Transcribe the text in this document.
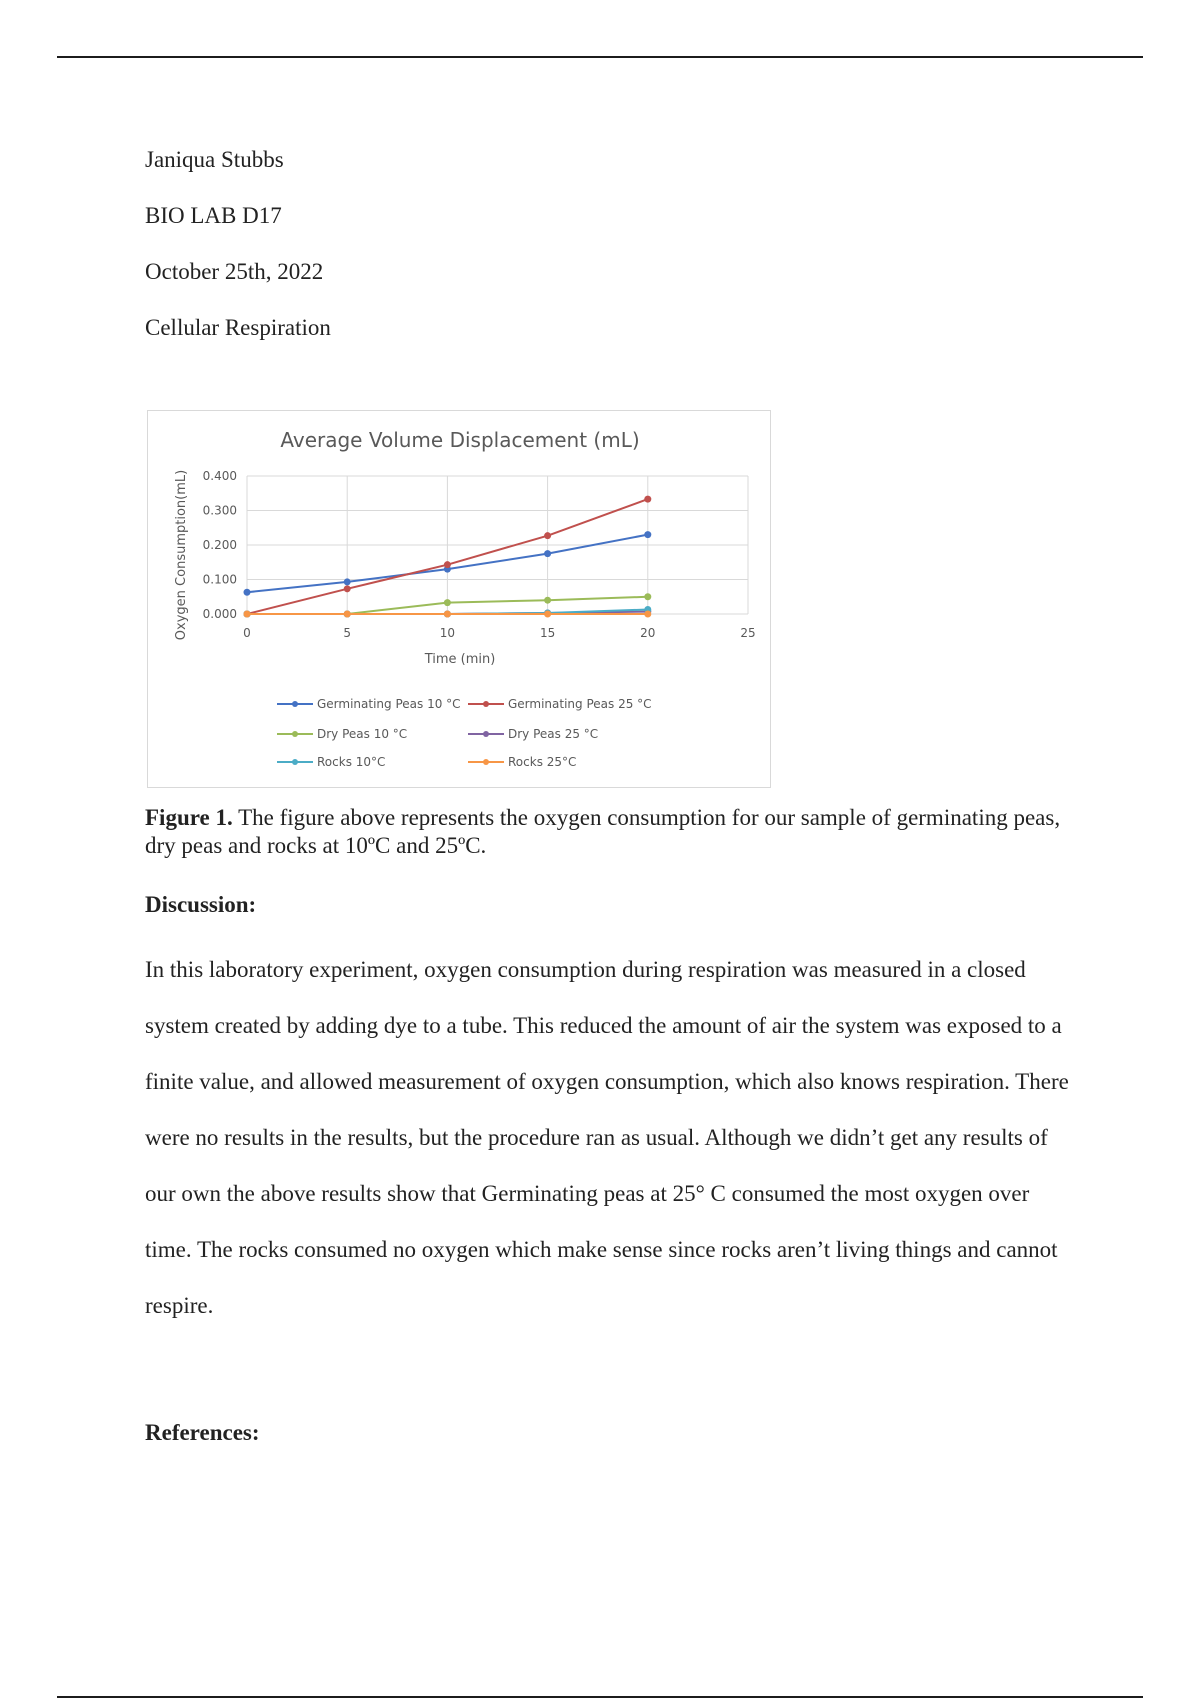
Janiqua Stubbs
BIO LAB D17
October 25th, 2022
Cellular Respiration
Average Volume Displacement (mL)
0.000
0.100
0.200
0.300
0.400
0	5	10	15	20	25
Time (min)
Oxygen Consumption(mL)
Germinating Peas 10 °C	Germinating Peas 25 °C
Dry Peas 10 °C	Dry Peas 25 °C
Rocks 10°C	Rocks 25°C
Figure 1. The figure above represents the oxygen consumption for our sample of germinating peas, dry peas and rocks at 10ºC and 25ºC.
Discussion:

In this laboratory experiment, oxygen consumption during respiration was measured in a closed system created by adding dye to a tube. This reduced the amount of air the system was exposed to a finite value, and allowed measurement of oxygen consumption, which also knows respiration. There were no results in the results, but the procedure ran as usual. Although we didn’t get any results of our own the above results show that Germinating peas at 25° C consumed the most oxygen over time. The rocks consumed no oxygen which make sense since rocks aren’t living things and cannot respire.

References:
